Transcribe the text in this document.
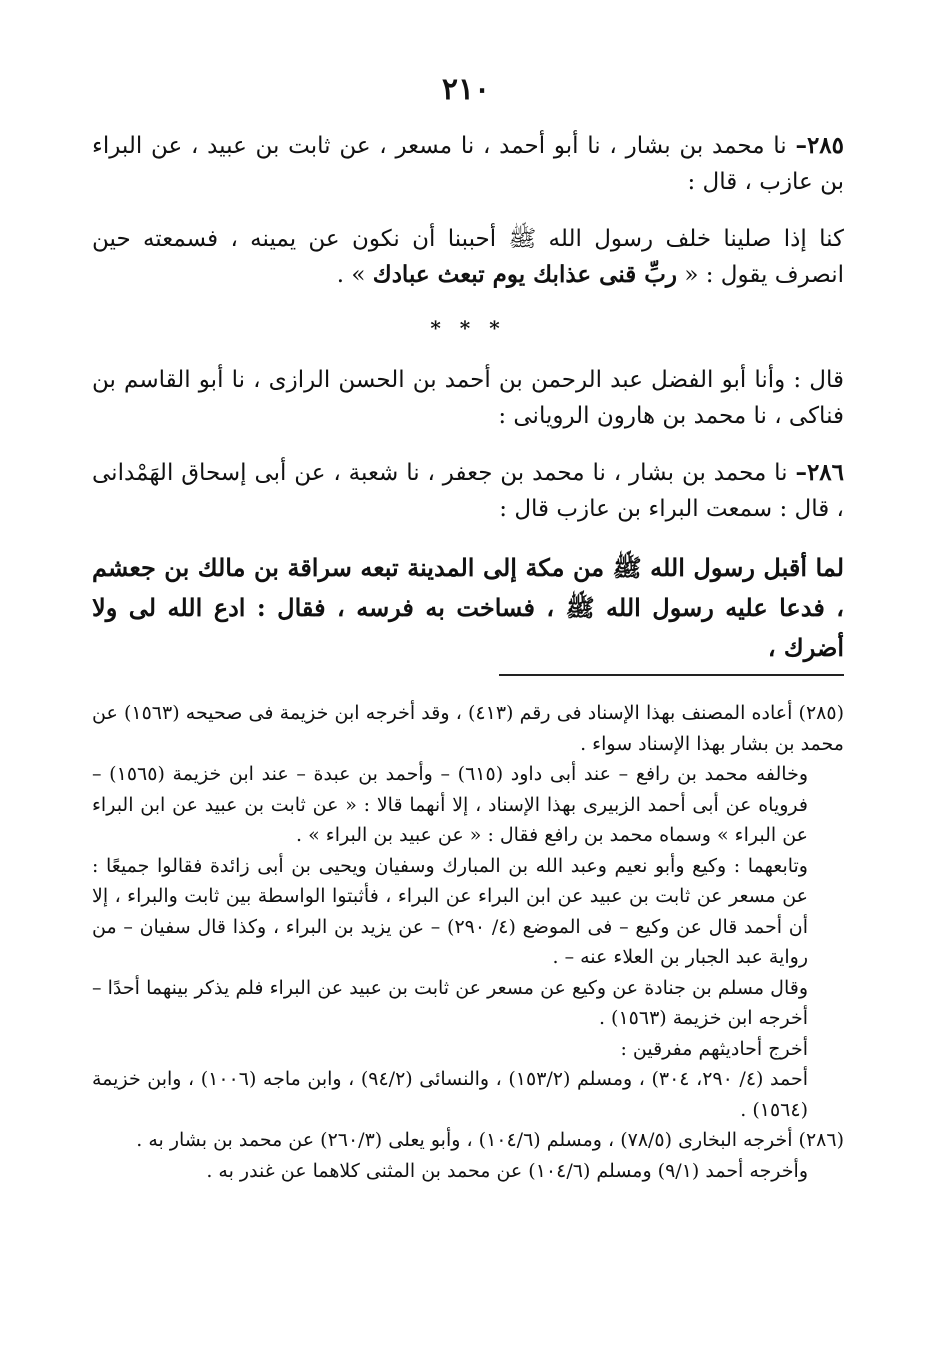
٢١٠

٢٨٥– نا محمد بن بشار ، نا أبو أحمد ، نا مسعر ، عن ثابت بن عبيد ، عن البراء بن عازب ، قال :

كنا إذا صلينا خلف رسول الله ﷺ أحببنا أن نكون عن يمينه ، فسمعته حين انصرف يقول : « ربِّ قنى عذابك يوم تبعث عبادك » .

* * *

قال : وأنا أبو الفضل عبد الرحمن بن أحمد بن الحسن الرازى ، نا أبو القاسم بن فناكى ، نا محمد بن هارون الرويانى :

٢٨٦– نا محمد بن بشار ، نا محمد بن جعفر ، نا شعبة ، عن أبى إسحاق الهَمْدانى ، قال : سمعت البراء بن عازب قال :

لما أقبل رسول الله ﷺ من مكة إلى المدينة تبعه سراقة بن مالك بن جعشم ، فدعا عليه رسول الله ﷺ ، فساخت به فرسه ، فقال : ادع الله لى ولا أضرك ،

(٢٨٥) أعاده المصنف بهذا الإسناد فى رقم (٤١٣) ، وقد أخرجه ابن خزيمة فى صحيحه (١٥٦٣) عن محمد بن بشار بهذا الإسناد سواء .

وخالفه محمد بن رافع – عند أبى داود (٦١٥) – وأحمد بن عبدة – عند ابن خزيمة (١٥٦٥) – فروياه عن أبى أحمد الزبيرى بهذا الإسناد ، إلا أنهما قالا : « عن ثابت بن عبيد عن ابن البراء عن البراء » وسماه محمد بن رافع فقال : « عن عبيد بن البراء » .

وتابعهما : وكيع وأبو نعيم وعبد الله بن المبارك وسفيان ويحيى بن أبى زائدة فقالوا جميعًا : عن مسعر عن ثابت بن عبيد عن ابن البراء عن البراء ، فأثبتوا الواسطة بين ثابت والبراء ، إلا أن أحمد قال عن وكيع – فى الموضع (٤/ ٢٩٠) – عن يزيد بن البراء ، وكذا قال سفيان – من رواية عبد الجبار بن العلاء عنه – .

وقال مسلم بن جنادة عن وكيع عن مسعر عن ثابت بن عبيد عن البراء فلم يذكر بينهما أحدًا – أخرجه ابن خزيمة (١٥٦٣) .

أخرج أحاديثهم مفرقين :

أحمد (٤/ ٢٩٠، ٣٠٤) ، ومسلم (١٥٣/٢) ، والنسائى (٩٤/٢) ، وابن ماجه (١٠٠٦) ، وابن خزيمة (١٥٦٤) .

(٢٨٦) أخرجه البخارى (٧٨/٥) ، ومسلم (١٠٤/٦) ، وأبو يعلى (٢٦٠/٣) عن محمد بن بشار به .

وأخرجه أحمد (٩/١) ومسلم (١٠٤/٦) عن محمد بن المثنى كلاهما عن غندر به .
